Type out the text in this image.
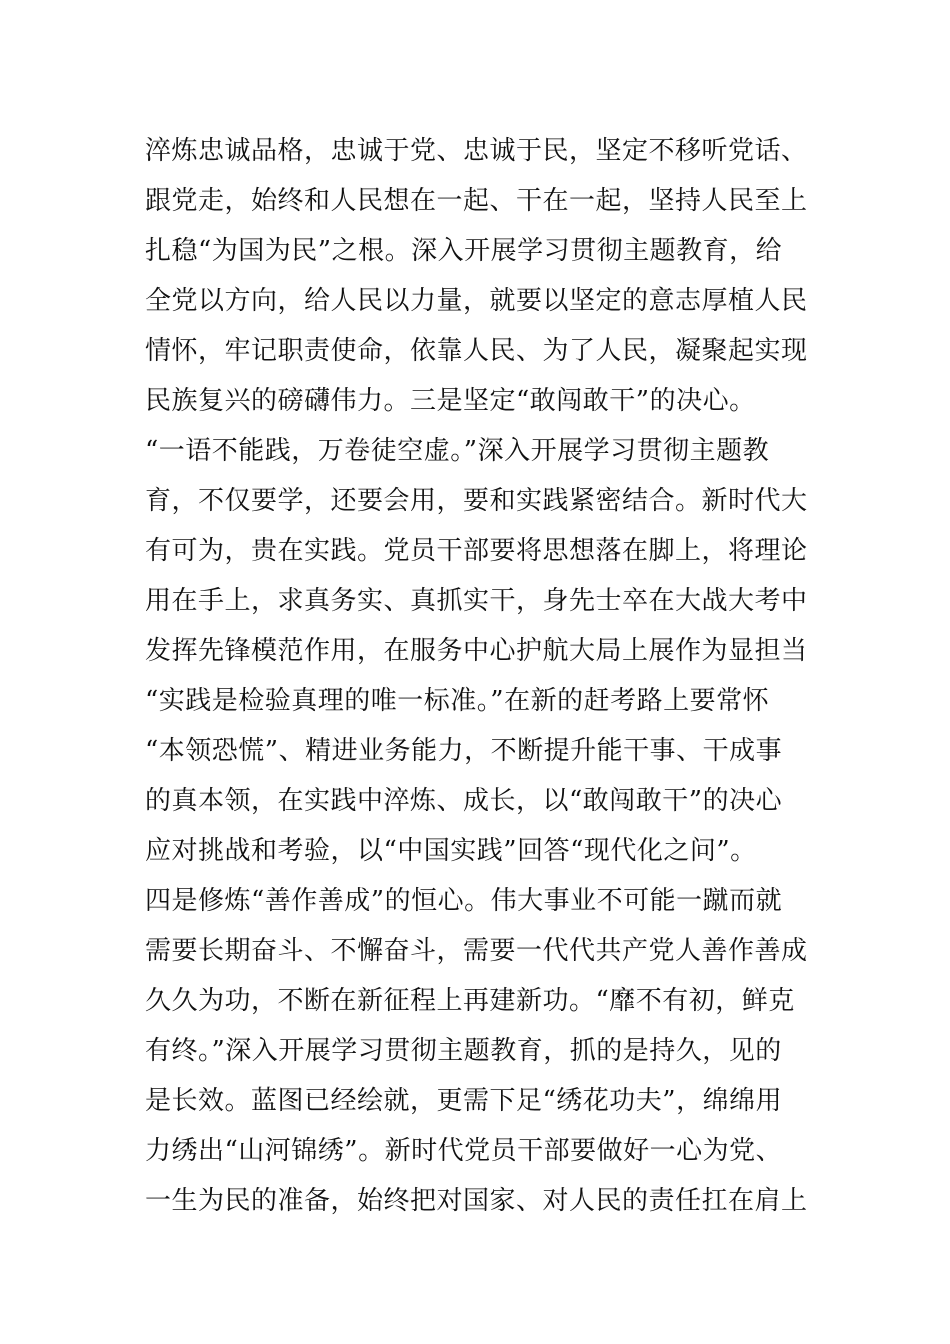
淬炼忠诚品格，忠诚于党、忠诚于民，坚定不移听党话、
跟党走，始终和人民想在一起、干在一起，坚持人民至上
扎稳“为国为民”之根。深入开展学习贯彻主题教育，给
全党以方向，给人民以力量，就要以坚定的意志厚植人民
情怀，牢记职责使命，依靠人民、为了人民，凝聚起实现
民族复兴的磅礴伟力。三是坚定“敢闯敢干”的决心。
“一语不能践，万卷徒空虚。”深入开展学习贯彻主题教
育，不仅要学，还要会用，要和实践紧密结合。新时代大
有可为，贵在实践。党员干部要将思想落在脚上，将理论
用在手上，求真务实、真抓实干，身先士卒在大战大考中
发挥先锋模范作用，在服务中心护航大局上展作为显担当
“实践是检验真理的唯一标准。”在新的赶考路上要常怀
“本领恐慌”、精进业务能力，不断提升能干事、干成事
的真本领，在实践中淬炼、成长，以“敢闯敢干”的决心
应对挑战和考验，以“中国实践”回答“现代化之问”。
四是修炼“善作善成”的恒心。伟大事业不可能一蹴而就
需要长期奋斗、不懈奋斗，需要一代代共产党人善作善成
久久为功，不断在新征程上再建新功。“靡不有初，鲜克
有终。”深入开展学习贯彻主题教育，抓的是持久，见的
是长效。蓝图已经绘就，更需下足“绣花功夫”，绵绵用
力绣出“山河锦绣”。新时代党员干部要做好一心为党、
一生为民的准备，始终把对国家、对人民的责任扛在肩上
